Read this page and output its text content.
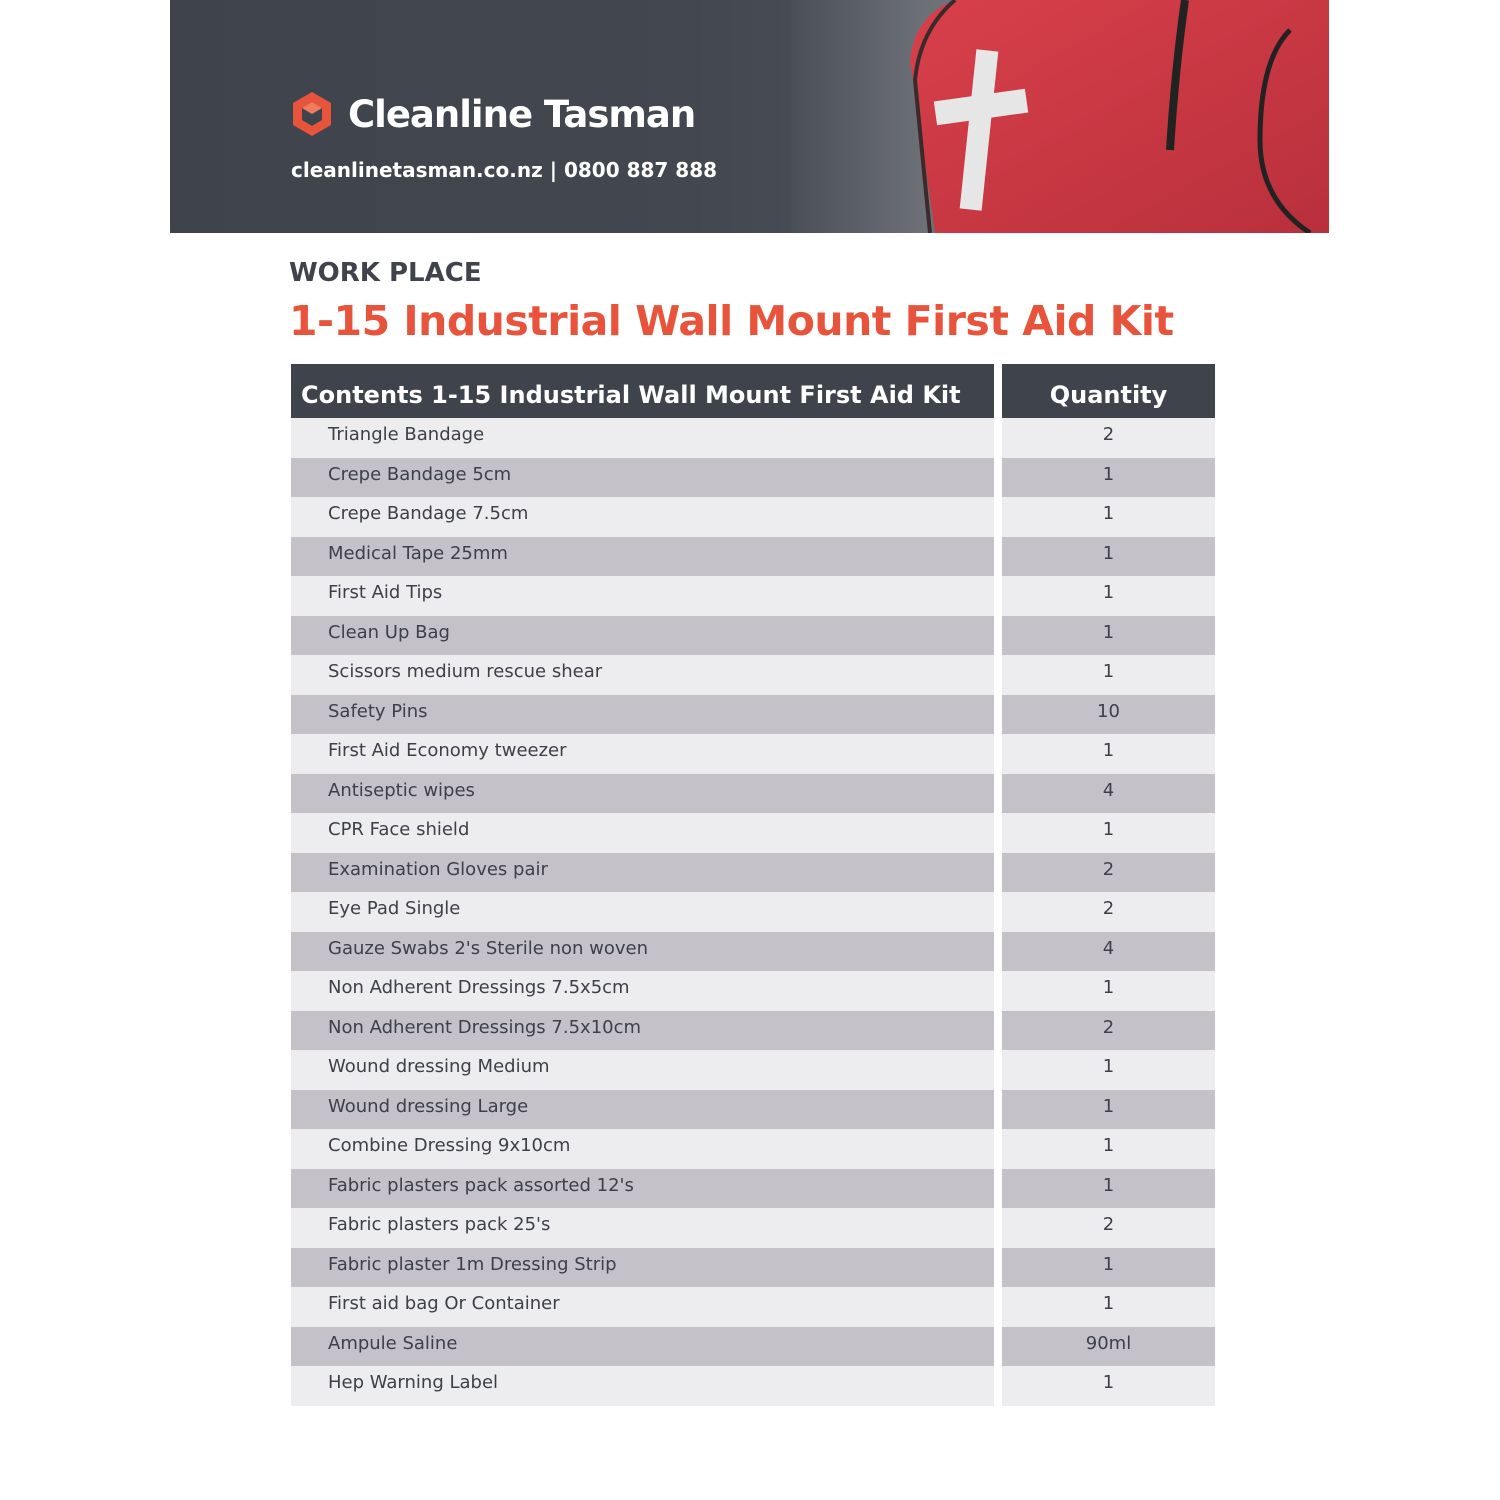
Cleanline Tasman
cleanlinetasman.co.nz | 0800 887 888
WORK PLACE
1-15 Industrial Wall Mount First Aid Kit
Contents 1-15 Industrial Wall Mount First Aid Kit	Quantity
Triangle Bandage	2
Crepe Bandage 5cm	1
Crepe Bandage 7.5cm	1
Medical Tape 25mm	1
First Aid Tips	1
Clean Up Bag	1
Scissors medium rescue shear	1
Safety Pins	10
First Aid Economy tweezer	1
Antiseptic wipes	4
CPR Face shield	1
Examination Gloves pair	2
Eye Pad Single	2
Gauze Swabs 2's Sterile non woven	4
Non Adherent Dressings 7.5x5cm	1
Non Adherent Dressings 7.5x10cm	2
Wound dressing Medium	1
Wound dressing Large	1
Combine Dressing 9x10cm	1
Fabric plasters pack assorted 12's	1
Fabric plasters pack 25's	2
Fabric plaster 1m Dressing Strip	1
First aid bag Or Container	1
Ampule Saline	90ml
Hep Warning Label	1
